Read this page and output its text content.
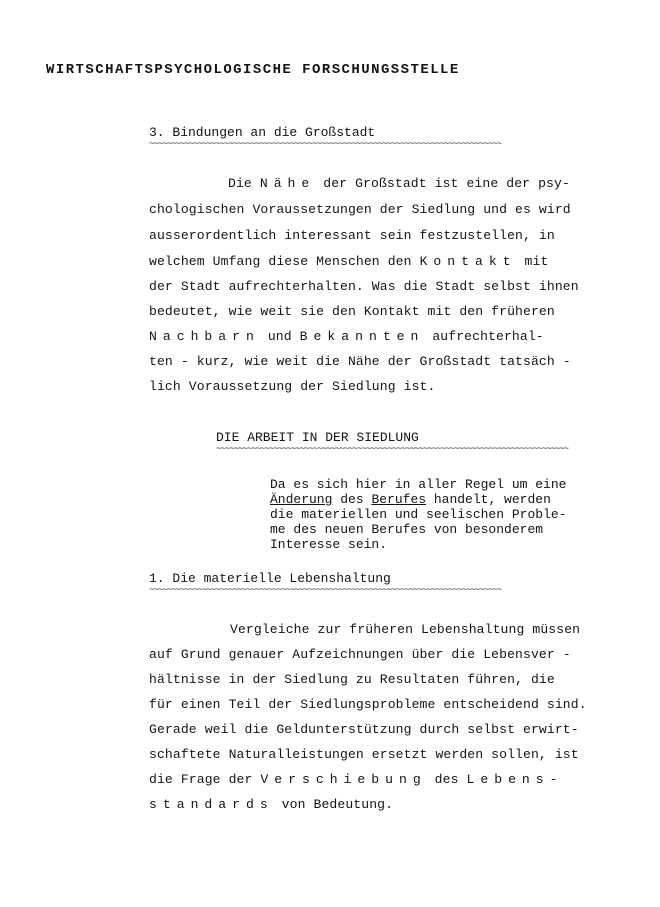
WIRTSCHAFTSPSYCHOLOGISCHE FORSCHUNGSSTELLE
3. Bindungen an die Großstadt
~~~~~~~~~~~~~~~~~~~~~~~~~~~~~~~~~~~~~~~~~~~~~~~~~~~~~~~~~~~~~~~~~~~~~~~~~~~~~~~~
Die Nähe der Großstadt ist eine der psy-
chologischen Voraussetzungen der Siedlung und es wird
ausserordentlich interessant sein festzustellen, in
welchem Umfang diese Menschen den Kontakt mit
der Stadt aufrechterhalten. Was die Stadt selbst ihnen
bedeutet, wie weit sie den Kontakt mit den früheren
Nachbarn und Bekannten aufrechterhal-
ten - kurz, wie weit die Nähe der Großstadt tatsäch -
lich Voraussetzung der Siedlung ist.
DIE ARBEIT IN DER SIEDLUNG
~~~~~~~~~~~~~~~~~~~~~~~~~~~~~~~~~~~~~~~~~~~~~~~~~~~~~~~~~~~~~~~~~~~~~~~~~~~~~~~~
Da es sich hier in aller Regel um eine
Änderung des Berufes handelt, werden
die materiellen und seelischen Proble-
me des neuen Berufes von besonderem
Interesse sein.
1. Die materielle Lebenshaltung
~~~~~~~~~~~~~~~~~~~~~~~~~~~~~~~~~~~~~~~~~~~~~~~~~~~~~~~~~~~~~~~~~~~~~~~~~~~~~~~~
Vergleiche zur früheren Lebenshaltung müssen
auf Grund genauer Aufzeichnungen über die Lebensver -
hältnisse in der Siedlung zu Resultaten führen, die
für einen Teil der Siedlungsprobleme entscheidend sind.
Gerade weil die Geldunterstützung durch selbst erwirt-
schaftete Naturalleistungen ersetzt werden sollen, ist
die Frage der Verschiebung des Lebens-
standards von Bedeutung.
